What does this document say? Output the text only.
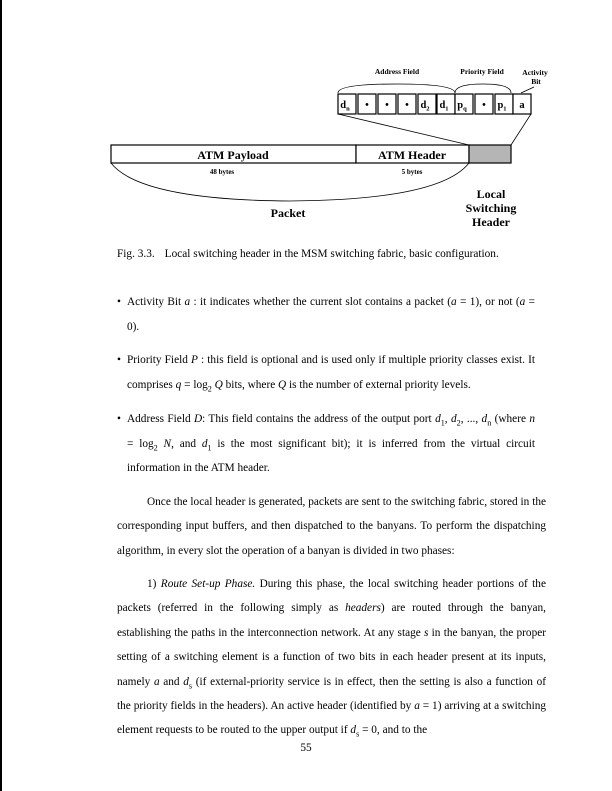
Address Field	Priority Field Activity
Bit
$d_n$ • • • $d_2$ $d_1$ $p_q$ • $p_1$ a
ATM Payload	ATM Header
48 bytes	5 bytes
Packet
Local
Switching
Header
Fig. 3.3. Local switching header in the MSM switching fabric, basic configuration.
• Activity Bit a : it indicates whether the current slot contains a packet (a = 1), or not (a = 0).
• Priority Field P : this field is optional and is used only if multiple priority classes exist. It comprises $q = \log_2 Q$ bits, where Q is the number of external priority levels.
• Address Field D: This field contains the address of the output port $d_1$, $d_2$, ..., $d_n$ (where $n = \log_2 N$, and $d_1$ is the most significant bit); it is inferred from the virtual circuit information in the ATM header.
Once the local header is generated, packets are sent to the switching fabric, stored in the corresponding input buffers, and then dispatched to the banyans. To perform the dispatching algorithm, in every slot the operation of a banyan is divided in two phases:
1) Route Set-up Phase. During this phase, the local switching header portions of the packets (referred in the following simply as headers) are routed through the banyan, establishing the paths in the interconnection network. At any stage s in the banyan, the proper setting of a switching element is a function of two bits in each header present at its inputs, namely a and $d_s$ (if external-priority service is in effect, then the setting is also a function of the priority fields in the headers). An active header (identified by a = 1) arriving at a switching element requests to be routed to the upper output if $d_s = 0$, and to the
55
